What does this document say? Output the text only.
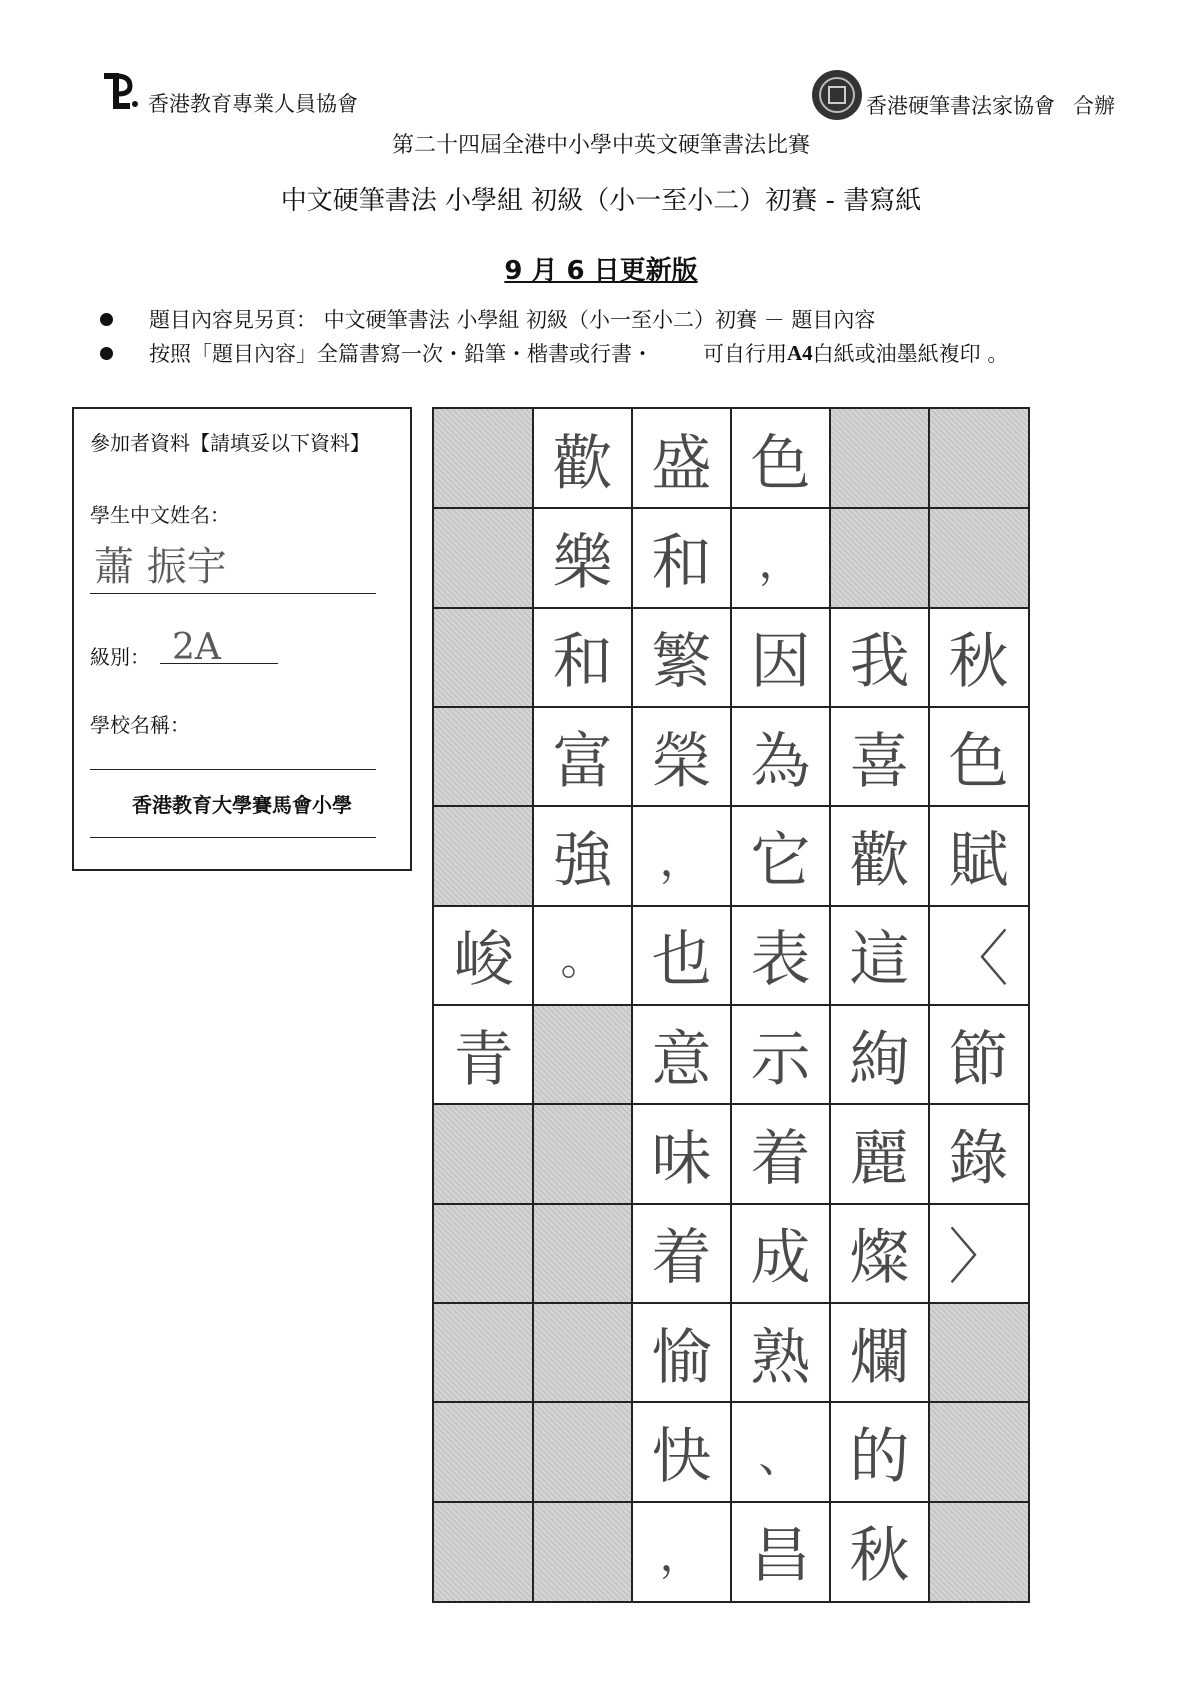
香港教育專業人員協會	香港硬筆書法家協會 合辦
第二十四屆全港中小學中英文硬筆書法比賽
中文硬筆書法 小學組 初級（小一至小二）初賽 - 書寫紙
9 月 6 日更新版
題目內容見另頁： 中文硬筆書法 小學組 初級（小一至小二）初賽 － 題目內容
按照「題目內容」全篇書寫一次・鉛筆・楷書或行書・ 可自行用 A4 白紙或油墨紙複印 。
參加者資料【請填妥以下資料】
學生中文姓名：
蕭 振宇
級別： 2A
學校名稱：
香港教育大學賽馬會小學
秋
色
賦
〈
節
錄
〉
我
喜
歡
這
絢
麗
燦
爛
的
秋
色
，
因
為
它
表
示
着
成
熟
、
昌
盛
和
繁
榮
，
也
意
味
着
愉
快
，
歡
樂
和
富
強
。
峻
青
